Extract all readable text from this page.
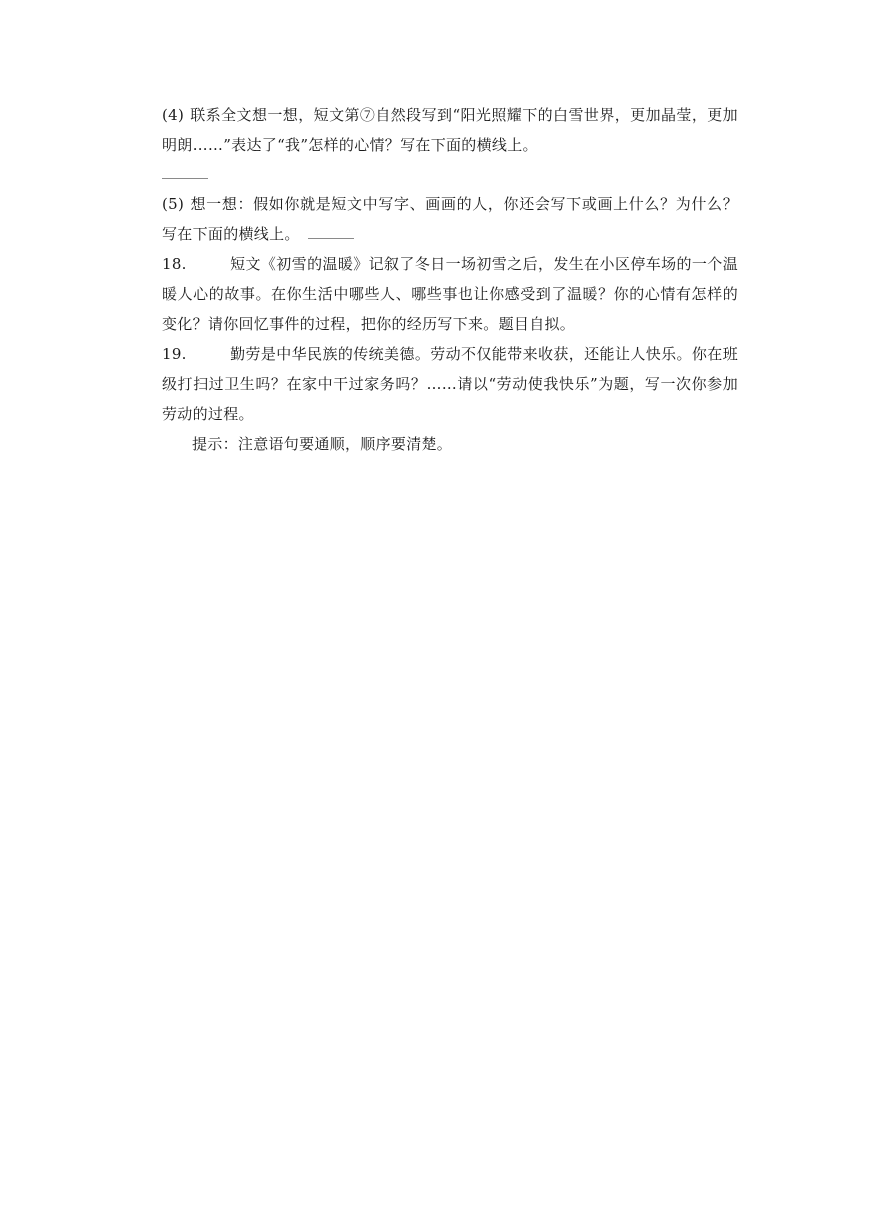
(4) 联系全文想一想，短文第⑦自然段写到“阳光照耀下的白雪世界，更加晶莹，更加明朗……”表达了“我”怎样的心情？写在下面的横线上。

(5) 想一想：假如你就是短文中写字、画画的人，你还会写下或画上什么？为什么？写在下面的横线上。

18.	短文《初雪的温暖》记叙了冬日一场初雪之后，发生在小区停车场的一个温暖人心的故事。在你生活中哪些人、哪些事也让你感受到了温暖？你的心情有怎样的变化？请你回忆事件的过程，把你的经历写下来。题目自拟。

19.	勤劳是中华民族的传统美德。劳动不仅能带来收获，还能让人快乐。你在班级打扫过卫生吗？在家中干过家务吗？……请以“劳动使我快乐”为题，写一次你参加劳动的过程。

提示：注意语句要通顺，顺序要清楚。
